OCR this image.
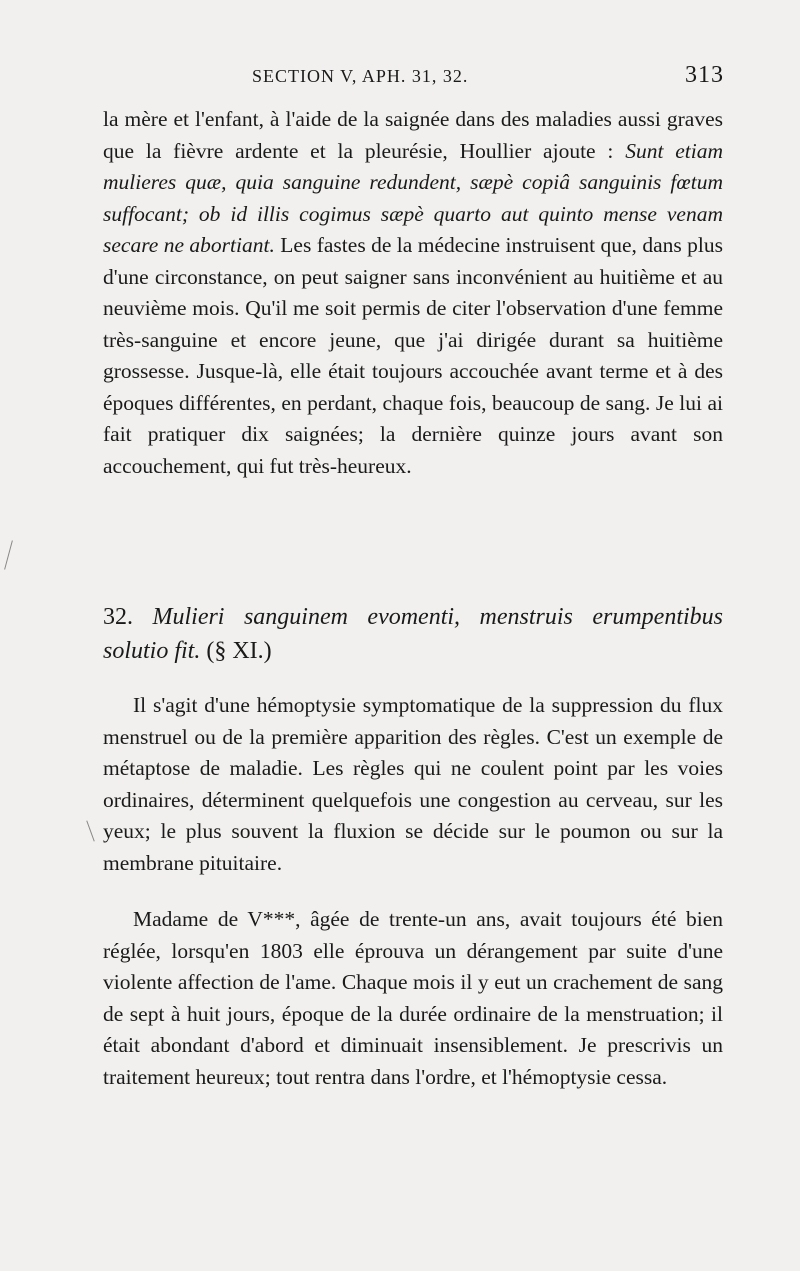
SECTION V, APH. 31, 32.	313
la mère et l'enfant, à l'aide de la saignée dans des maladies aussi graves que la fièvre ardente et la pleurésie, Houllier ajoute : Sunt etiam mulieres quæ, quia sanguine redundent, sæpè copiâ sanguinis fœtum suffocant; ob id illis cogimus sæpè quarto aut quinto mense venam secare ne abortiant. Les fastes de la médecine instruisent que, dans plus d'une circonstance, on peut saigner sans inconvénient au huitième et au neuvième mois. Qu'il me soit permis de citer l'observation d'une femme très-sanguine et encore jeune, que j'ai dirigée durant sa huitième grossesse. Jusque-là, elle était toujours accouchée avant terme et à des époques différentes, en perdant, chaque fois, beaucoup de sang. Je lui ai fait pratiquer dix saignées; la dernière quinze jours avant son accouchement, qui fut très-heureux.
32. Mulieri sanguinem evomenti, menstruis erumpentibus solutio fit. (§ XI.)
Il s'agit d'une hémoptysie symptomatique de la suppression du flux menstruel ou de la première apparition des règles. C'est un exemple de métaptose de maladie. Les règles qui ne coulent point par les voies ordinaires, déterminent quelquefois une congestion au cerveau, sur les yeux; le plus souvent la fluxion se décide sur le poumon ou sur la membrane pituitaire.
Madame de V***, âgée de trente-un ans, avait toujours été bien réglée, lorsqu'en 1803 elle éprouva un dérangement par suite d'une violente affection de l'ame. Chaque mois il y eut un crachement de sang de sept à huit jours, époque de la durée ordinaire de la menstruation; il était abondant d'abord et diminuait insensiblement. Je prescrivis un traitement heureux; tout rentra dans l'ordre, et l'hémoptysie cessa.
